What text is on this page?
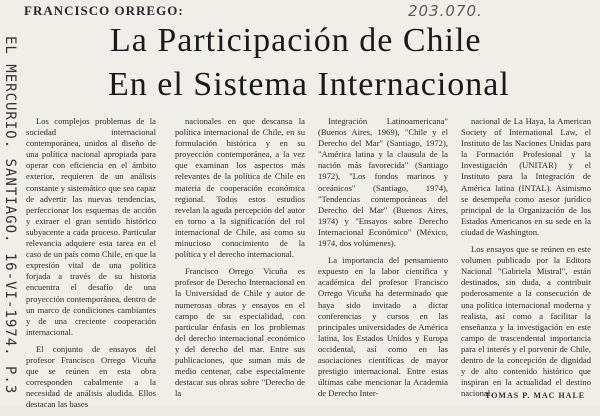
FRANCISCO ORREGO:	203.070.
EL MERCURIO. SANTIAGO. 16-VI-1974. P.3	La Participación de Chile
En el Sistema Internacional

Los complejos problemas de la sociedad internacional contemporánea, unidos al diseño de una política nacional apropiada para operar con eficiencia en el ámbito exterior, requieren de un análisis constante y sistemático que sea capaz de advertir las nuevas tendencias, perfeccionar los esquemas de acción y extraer el gran sentido histórico subyacente a cada proceso. Particular relevancia adquiere esta tarea en el caso de un país como Chile, en que la expresión vital de una política forjada a través de su historia encuentra el desafío de una proyección contemporánea, dentro de un marco de condiciones cambiantes y de una creciente cooperación internacional.

El conjunto de ensayos del profesor Francisco Orrego Vicuña que se reúnen en esta obra corresponden cabalmente a la necesidad de análisis aludida. Ellos destacan las bases

nacionales en que descansa la política internacional de Chile, en su formulación histórica y en su proyección contemporánea, a la vez que examinan los aspectos más relevantes de la política de Chile en materia de cooperación económica regional. Todos estos estudios revelan la aguda percepción del autor en torno a la significación del rol internacional de Chile, así como su minucioso conocimiento de la política y el derecho internacional.

Francisco Orrego Vicuña es profesor de Derecho Internacional en la Universidad de Chile y autor de numerosas obras y ensayos en el campo de su especialidad, con particular énfasis en los problemas del derecho internacional económico y del derecho del mar. Entre sus publicaciones, que suman más de medio centenar, cabe especialmente destacar sus obras sobre "Derecho de la

Integración Latinoamericana" (Buenos Aires, 1969), "Chile y el Derecho del Mar" (Santiago, 1972), "América latina y la clausula de la nación más favorecida" (Santiago 1972), "Los fondos marinos y oceánicos" (Santiago, 1974), "Tendencias contemporáneas del Derecho del Mar" (Buenos Aires, 1974) y "Ensayos sobre Derecho Internacional Económico" (México, 1974, dos volúmenes).

La importancia del pensamiento expuesto en la labor científica y académica del profesor Francisco Orrego Vicuña ha determinado que haya sido invitado a dictar conferencias y cursos en las principales universidades de América latina, los Estados Unidos y Europa occidental, así como en las asociaciones científicas de mayor prestigio internacional. Entre estas últimas cabe mencionar la Academia de Derecho Inter-

nacional de La Haya, la American Society of International Law, el Instituto de las Naciones Unidas para la Formación Profesional y la Investigación (UNITAR) y el Instituto para la Integración de América latina (INTAL). Asimismo se desempeña como asesor jurídico principal de la Organización de los Estados Americanos en su sede en la ciudad de Washington.

Los ensayos que se reúnen en este volumen publicado por la Editora Nacional "Gabriela Mistral", están destinados, sin duda, a contribuir poderosamente a la consecución de una política internacional moderna y realista, así como a facilitar la enseñanza y la investigación en este campo de trascendental importancia para el interés y el porvenir de Chile, dentro de la concepción de dignidad y de alto contenido histórico que inspiran en la actualidad el destino nacional.

TOMAS P. MAC HALE
